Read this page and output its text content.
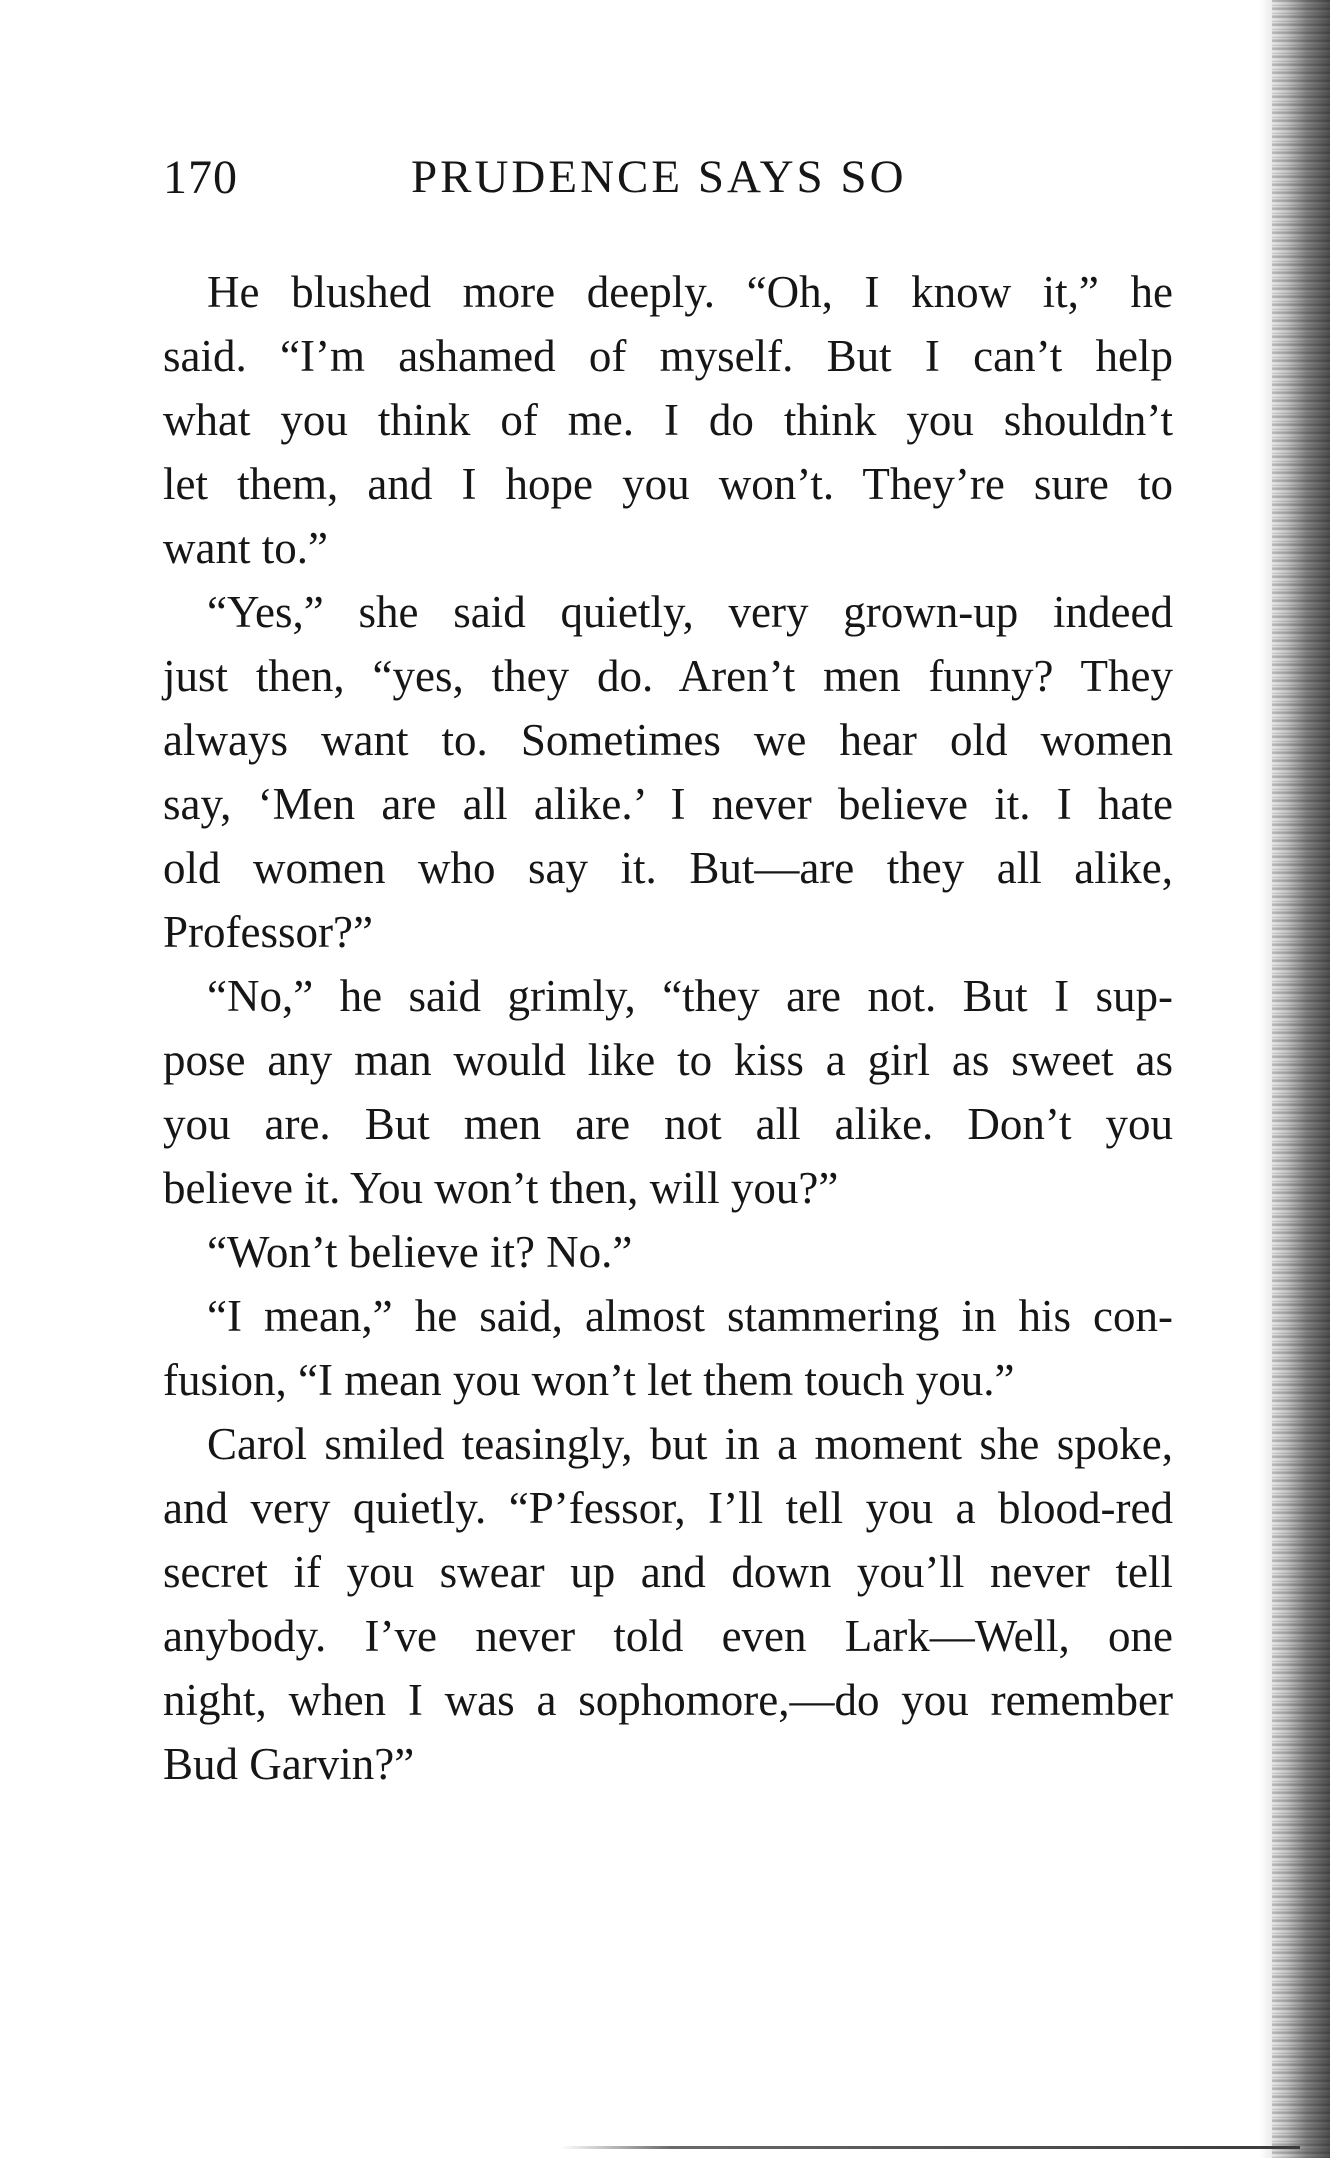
170	PRUDENCE SAYS SO
He blushed more deeply. “Oh, I know it,” he
said. “I’m ashamed of myself. But I can’t help
what you think of me. I do think you shouldn’t
let them, and I hope you won’t. They’re sure to
want to.”
“Yes,” she said quietly, very grown-up indeed
just then, “yes, they do. Aren’t men funny? They
always want to. Sometimes we hear old women
say, ‘Men are all alike.’ I never believe it. I hate
old women who say it. But—are they all alike,
Professor?”
“No,” he said grimly, “they are not. But I sup-
pose any man would like to kiss a girl as sweet as
you are. But men are not all alike. Don’t you
believe it. You won’t then, will you?”
“Won’t believe it? No.”
“I mean,” he said, almost stammering in his con-
fusion, “I mean you won’t let them touch you.”
Carol smiled teasingly, but in a moment she spoke,
and very quietly. “P’fessor, I’ll tell you a blood-red
secret if you swear up and down you’ll never tell
anybody. I’ve never told even Lark—Well, one
night, when I was a sophomore,—do you remember
Bud Garvin?”
